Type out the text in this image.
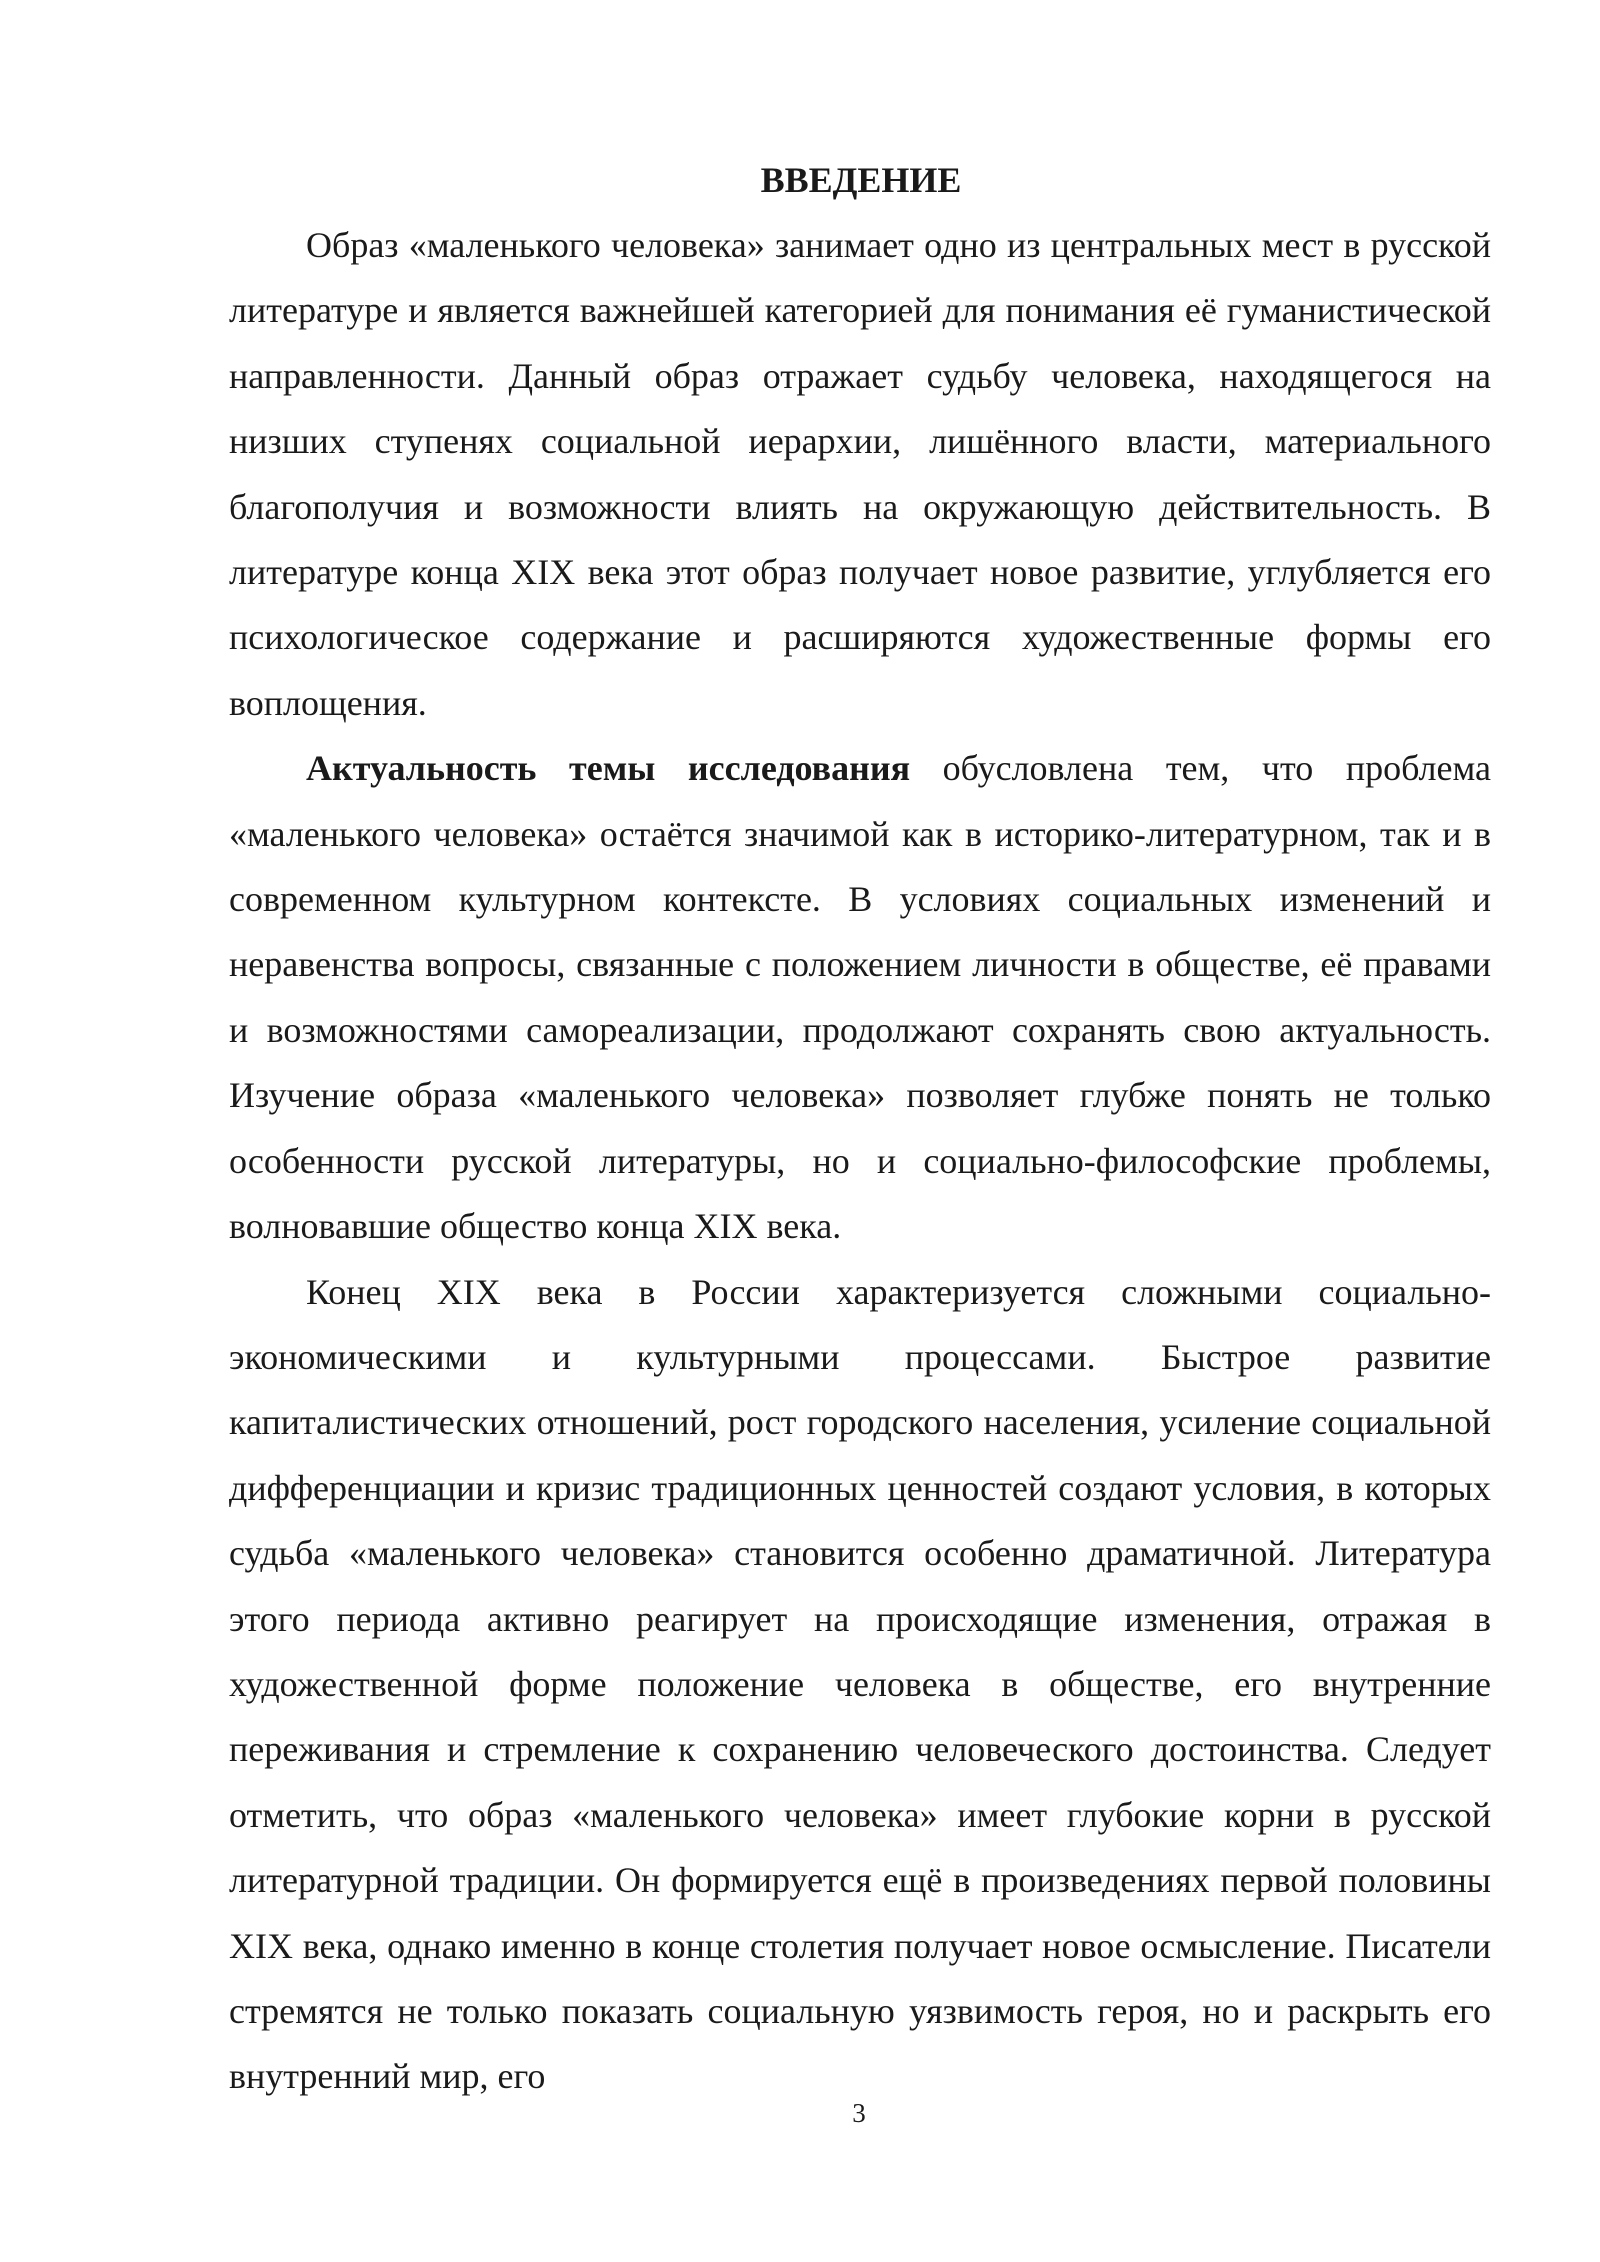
ВВЕДЕНИЕ

Образ «маленького человека» занимает одно из центральных мест в русской литературе и является важнейшей категорией для понимания её гуманистической направленности. Данный образ отражает судьбу человека, находящегося на низших ступенях социальной иерархии, лишённого власти, материального благополучия и возможности влиять на окружающую действительность. В литературе конца XIX века этот образ получает новое развитие, углубляется его психологическое содержание и расширяются художественные формы его воплощения.

Актуальность темы исследования обусловлена тем, что проблема «маленького человека» остаётся значимой как в историко-литературном, так и в современном культурном контексте. В условиях социальных изменений и неравенства вопросы, связанные с положением личности в обществе, её правами и возможностями самореализации, продолжают сохранять свою актуальность. Изучение образа «маленького человека» позволяет глубже понять не только особенности русской литературы, но и социально-философские проблемы, волновавшие общество конца XIX века.

Конец XIX века в России характеризуется сложными социально-экономическими и культурными процессами. Быстрое развитие капиталистических отношений, рост городского населения, усиление социальной дифференциации и кризис традиционных ценностей создают условия, в которых судьба «маленького человека» становится особенно драматичной. Литература этого периода активно реагирует на происходящие изменения, отражая в художественной форме положение человека в обществе, его внутренние переживания и стремление к сохранению человеческого достоинства. Следует отметить, что образ «маленького человека» имеет глубокие корни в русской литературной традиции. Он формируется ещё в произведениях первой половины XIX века, однако именно в конце столетия получает новое осмысление. Писатели стремятся не только показать социальную уязвимость героя, но и раскрыть его внутренний мир, его

3
